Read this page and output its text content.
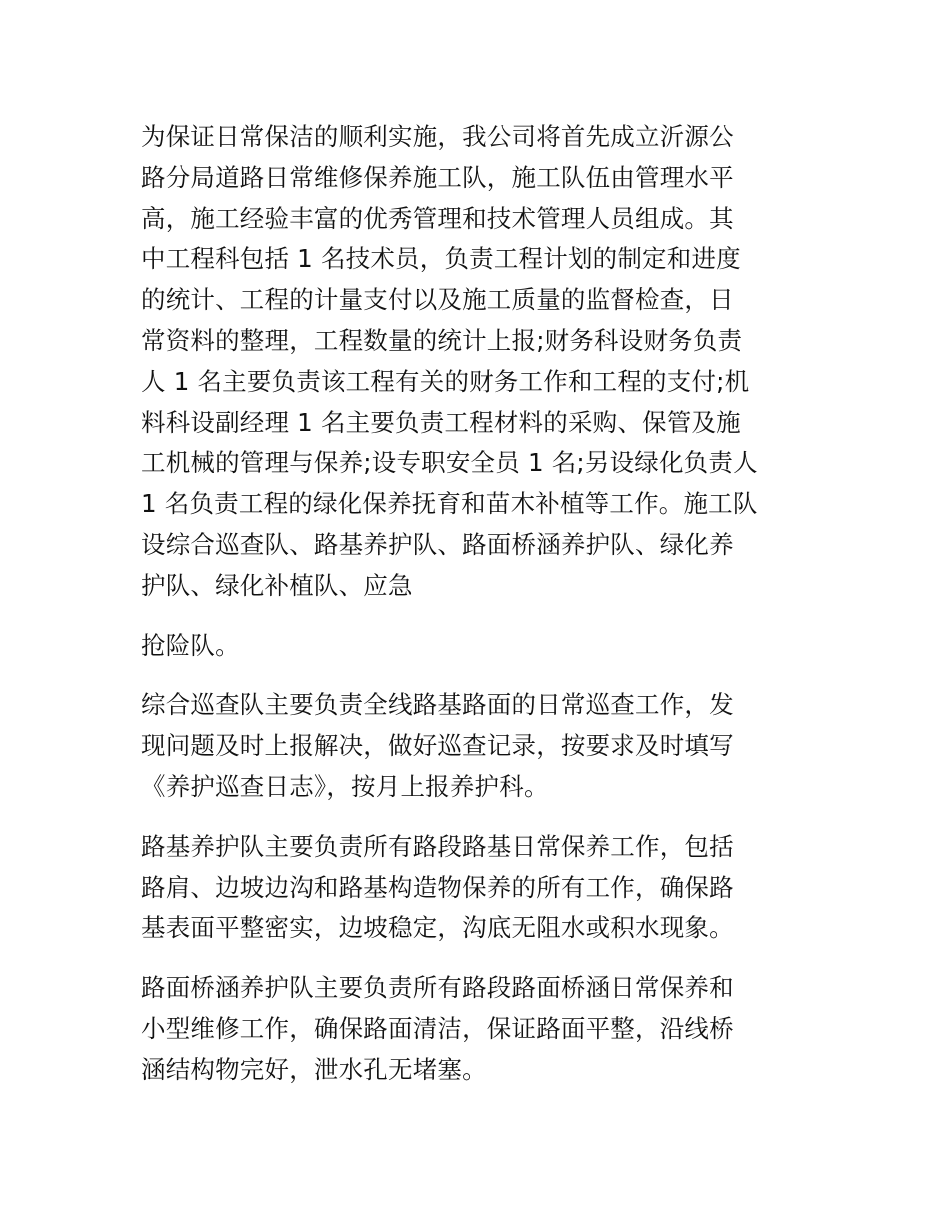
为保证日常保洁的顺利实施，我公司将首先成立沂源公
路分局道路日常维修保养施工队，施工队伍由管理水平
高，施工经验丰富的优秀管理和技术管理人员组成。其
中工程科包括 1 名技术员，负责工程计划的制定和进度
的统计、工程的计量支付以及施工质量的监督检查，日
常资料的整理，工程数量的统计上报;财务科设财务负责
人 1 名主要负责该工程有关的财务工作和工程的支付;机
料科设副经理 1 名主要负责工程材料的采购、保管及施
工机械的管理与保养;设专职安全员 1 名;另设绿化负责人
1 名负责工程的绿化保养抚育和苗木补植等工作。施工队
设综合巡查队、路基养护队、路面桥涵养护队、绿化养
护队、绿化补植队、应急

抢险队。

综合巡查队主要负责全线路基路面的日常巡查工作，发
现问题及时上报解决，做好巡查记录，按要求及时填写
《养护巡查日志》，按月上报养护科。

路基养护队主要负责所有路段路基日常保养工作，包括
路肩、边坡边沟和路基构造物保养的所有工作，确保路
基表面平整密实，边坡稳定，沟底无阻水或积水现象。

路面桥涵养护队主要负责所有路段路面桥涵日常保养和
小型维修工作，确保路面清洁，保证路面平整，沿线桥
涵结构物完好，泄水孔无堵塞。
